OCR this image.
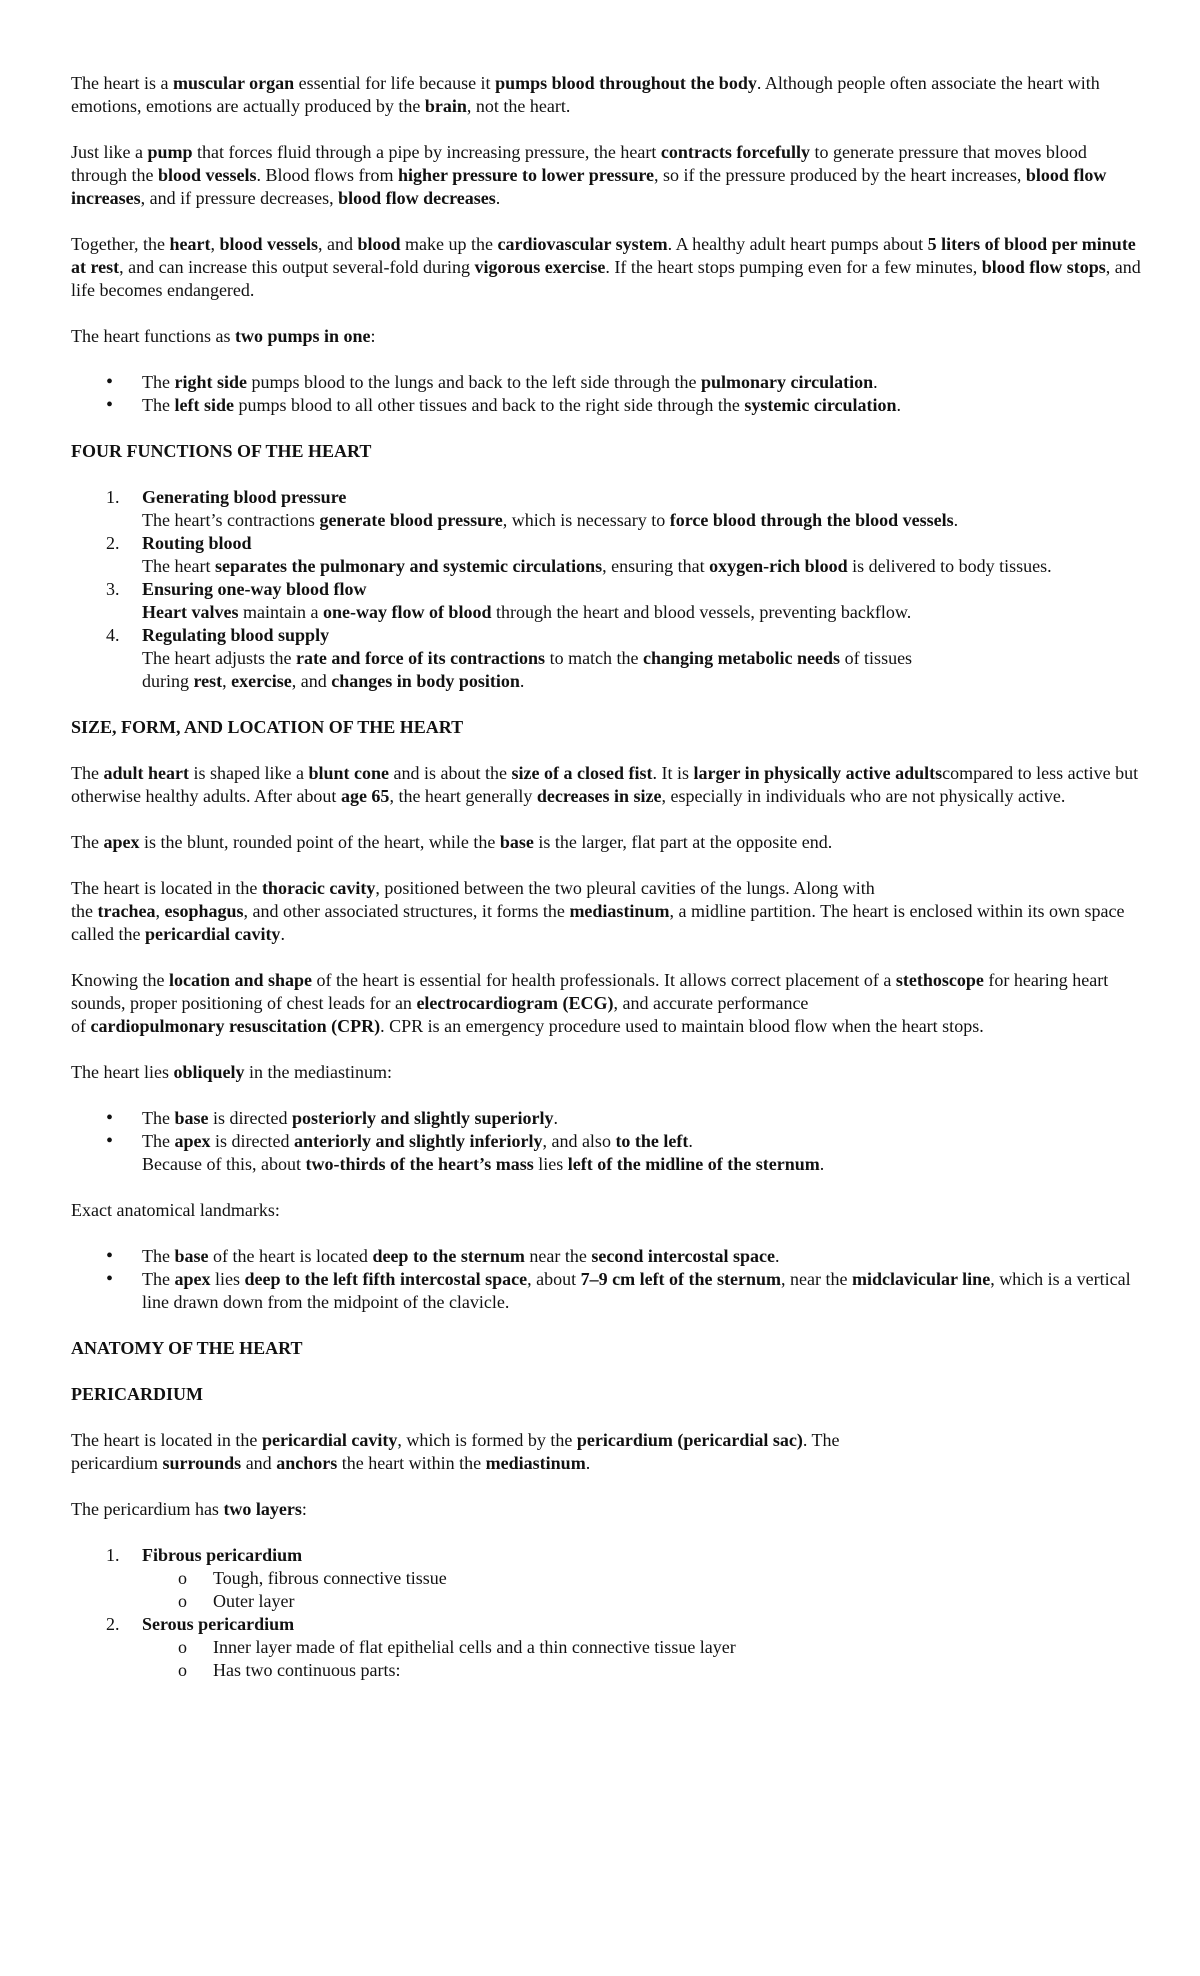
The heart is a muscular organ essential for life because it pumps blood throughout the body. Although people often associate the heart with emotions, emotions are actually produced by the brain, not the heart.

Just like a pump that forces fluid through a pipe by increasing pressure, the heart contracts forcefully to generate pressure that moves blood through the blood vessels. Blood flows from higher pressure to lower pressure, so if the pressure produced by the heart increases, blood flow increases, and if pressure decreases, blood flow decreases.

Together, the heart, blood vessels, and blood make up the cardiovascular system. A healthy adult heart pumps about 5 liters of blood per minute at rest, and can increase this output several-fold during vigorous exercise. If the heart stops pumping even for a few minutes, blood flow stops, and life becomes endangered.

The heart functions as two pumps in one:

• The right side pumps blood to the lungs and back to the left side through the pulmonary circulation.
• The left side pumps blood to all other tissues and back to the right side through the systemic circulation.
FOUR FUNCTIONS OF THE HEART
1. Generating blood pressure
The heart’s contractions generate blood pressure, which is necessary to force blood through the blood vessels.
2. Routing blood
The heart separates the pulmonary and systemic circulations, ensuring that oxygen-rich blood is delivered to body tissues.
3. Ensuring one-way blood flow
Heart valves maintain a one-way flow of blood through the heart and blood vessels, preventing backflow.
4. Regulating blood supply
The heart adjusts the rate and force of its contractions to match the changing metabolic needs of tissues
during rest, exercise, and changes in body position.
SIZE, FORM, AND LOCATION OF THE HEART

The adult heart is shaped like a blunt cone and is about the size of a closed fist. It is larger in physically active adultscompared to less active but otherwise healthy adults. After about age 65, the heart generally decreases in size, especially in individuals who are not physically active.

The apex is the blunt, rounded point of the heart, while the base is the larger, flat part at the opposite end.

The heart is located in the thoracic cavity, positioned between the two pleural cavities of the lungs. Along with
the trachea, esophagus, and other associated structures, it forms the mediastinum, a midline partition. The heart is enclosed within its own space called the pericardial cavity.

Knowing the location and shape of the heart is essential for health professionals. It allows correct placement of a stethoscope for hearing heart sounds, proper positioning of chest leads for an electrocardiogram (ECG), and accurate performance
of cardiopulmonary resuscitation (CPR). CPR is an emergency procedure used to maintain blood flow when the heart stops.

The heart lies obliquely in the mediastinum:

• The base is directed posteriorly and slightly superiorly.
• The apex is directed anteriorly and slightly inferiorly, and also to the left.
Because of this, about two-thirds of the heart’s mass lies left of the midline of the sternum.

Exact anatomical landmarks:

• The base of the heart is located deep to the sternum near the second intercostal space.
• The apex lies deep to the left fifth intercostal space, about 7–9 cm left of the sternum, near the midclavicular line, which is a vertical line drawn down from the midpoint of the clavicle.
ANATOMY OF THE HEART
PERICARDIUM

The heart is located in the pericardial cavity, which is formed by the pericardium (pericardial sac). The
pericardium surrounds and anchors the heart within the mediastinum.

The pericardium has two layers:

1. Fibrous pericardium
o Tough, fibrous connective tissue
o Outer layer
2. Serous pericardium
o Inner layer made of flat epithelial cells and a thin connective tissue layer
o Has two continuous parts:
